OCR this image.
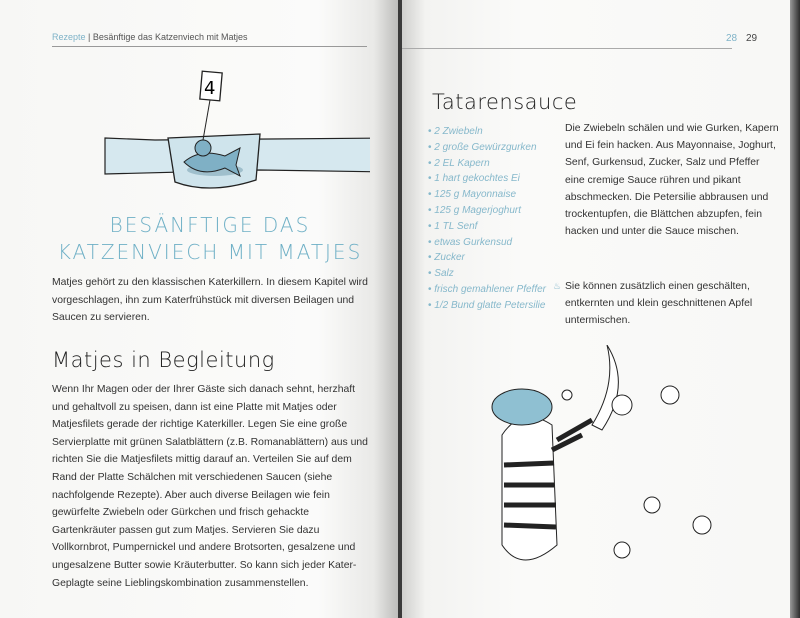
Rezepte | Besänftige das Katzenviech mit Matjes
4
BESÄNFTIGE DAS
KATZENVIECH MIT MATJES
Matjes gehört zu den klassischen Katerkillern. In diesem Kapitel wird vorgeschlagen, ihn zum Katerfrühstück mit diversen Beilagen und Saucen zu servieren.
Matjes in Begleitung
Wenn Ihr Magen oder der Ihrer Gäste sich danach sehnt, herzhaft und gehaltvoll zu speisen, dann ist eine Platte mit Matjes oder Matjesfilets gerade der richtige Katerkiller. Legen Sie eine große Servierplatte mit grünen Salatblättern (z.B. Romanablättern) aus und richten Sie die Matjesfilets mittig darauf an. Verteilen Sie auf dem Rand der Platte Schälchen mit verschiedenen Saucen (siehe nachfolgende Rezepte). Aber auch diverse Beilagen wie fein gewürfelte Zwiebeln oder Gürkchen und frisch gehackte Gartenkräuter passen gut zum Matjes. Servieren Sie dazu Vollkornbrot, Pumpernickel und andere Brotsorten, gesalzene und ungesalzene Butter sowie Kräuterbutter. So kann sich jeder Kater-Geplagte seine Lieblingskombination zusammenstellen.
28 29
Tatarensauce
• 2 Zwiebeln
• 2 große Gewürzgurken
• 2 EL Kapern
• 1 hart gekochtes Ei
• 125 g Mayonnaise
• 125 g Magerjoghurt
• 1 TL Senf
• etwas Gurkensud
• Zucker
• Salz
• frisch gemahlener Pfeffer
• 1/2 Bund glatte Petersilie
Die Zwiebeln schälen und wie Gurken, Kapern und Ei fein hacken. Aus Mayonnaise, Joghurt, Senf, Gurkensud, Zucker, Salz und Pfeffer eine cremige Sauce rühren und pikant abschmecken. Die Petersilie abbrausen und trockentupfen, die Blättchen abzupfen, fein hacken und unter die Sauce mischen.
♨ Sie können zusätzlich einen geschälten, entkernten und klein geschnittenen Apfel untermischen.
